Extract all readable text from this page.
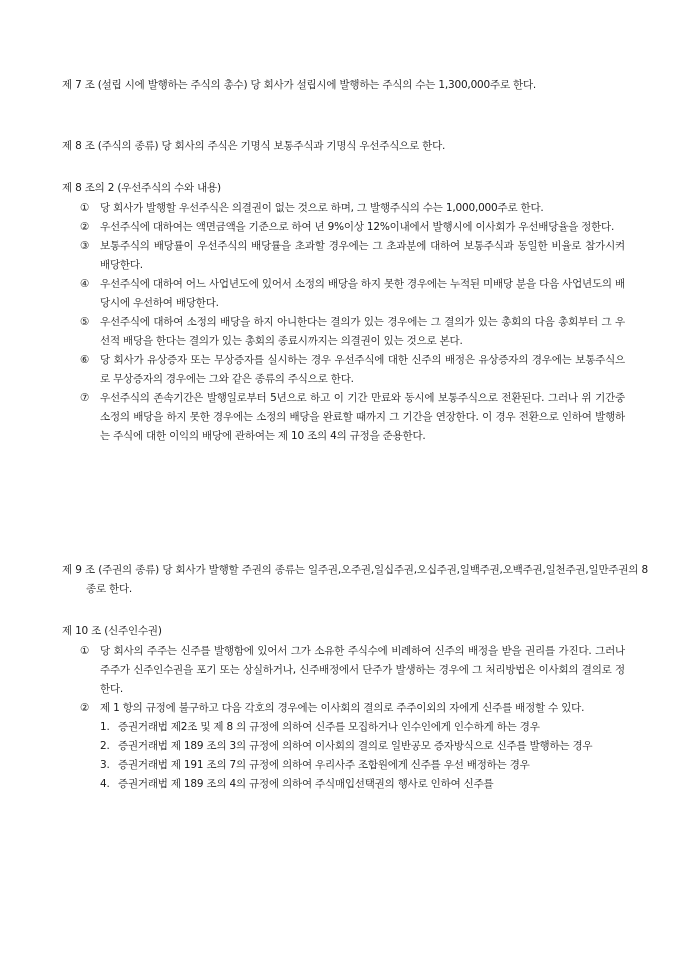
제 7 조 (설립 시에 발행하는 주식의 총수) 당 회사가 설립시에 발행하는 주식의 수는 1,300,000주로 한다.

제 8 조 (주식의 종류) 당 회사의 주식은 기명식 보통주식과 기명식 우선주식으로 한다.

제 8 조의 2 (우선주식의 수와 내용)

① 당 회사가 발행할 우선주식은 의결권이 없는 것으로 하며, 그 발행주식의 수는 1,000,000주로 한다.
② 우선주식에 대하여는 액면금액을 기준으로 하여 년 9%이상 12%이내에서 발행시에 이사회가 우선배당율을 정한다.
③ 보통주식의 배당률이 우선주식의 배당률을 초과할 경우에는 그 초과분에 대하여 보통주식과 동일한 비율로 참가시켜 배당한다.
④ 우선주식에 대하여 어느 사업년도에 있어서 소정의 배당을 하지 못한 경우에는 누적된 미배당 분을 다음 사업년도의 배당시에 우선하여 배당한다.
⑤ 우선주식에 대하여 소정의 배당을 하지 아니한다는 결의가 있는 경우에는 그 결의가 있는 총회의 다음 총회부터 그 우선적 배당을 한다는 결의가 있는 총회의 종료시까지는 의결권이 있는 것으로 본다.
⑥ 당 회사가 유상증자 또는 무상증자를 실시하는 경우 우선주식에 대한 신주의 배정은 유상증자의 경우에는 보통주식으로 무상증자의 경우에는 그와 같은 종류의 주식으로 한다.
⑦ 우선주식의 존속기간은 발행일로부터 5년으로 하고 이 기간 만료와 동시에 보통주식으로 전환된다. 그러나 위 기간중 소정의 배당을 하지 못한 경우에는 소정의 배당을 완료할 때까지 그 기간을 연장한다. 이 경우 전환으로 인하여 발행하는 주식에 대한 이익의 배당에 관하여는 제 10 조의 4의 규정을 준용한다.

제 9 조 (주권의 종류) 당 회사가 발행할 주권의 종류는 일주권,오주권,일십주권,오십주권,일백주권,오백주권,일천주권,일만주권의 8종로 한다.

제 10 조 (신주인수권)

① 당 회사의 주주는 신주를 발행함에 있어서 그가 소유한 주식수에 비례하여 신주의 배정을 받을 권리를 가진다. 그러나 주주가 신주인수권을 포기 또는 상실하거나, 신주배정에서 단주가 발생하는 경우에 그 처리방법은 이사회의 결의로 정한다.
② 제 1 항의 규정에 불구하고 다음 각호의 경우에는 이사회의 결의로 주주이외의 자에게 신주를 배정할 수 있다.
1. 증권거래법 제2조 및 제 8 의 규정에 의하여 신주를 모집하거나 인수인에게 인수하게 하는 경우
2. 증권거래법 제 189 조의 3의 규정에 의하여 이사회의 결의로 일반공모 증자방식으로 신주를 발행하는 경우
3. 증권거래법 제 191 조의 7의 규정에 의하여 우리사주 조합원에게 신주를 우선 배정하는 경우
4. 증권거래법 제 189 조의 4의 규정에 의하여 주식매입선택권의 행사로 인하여 신주를
